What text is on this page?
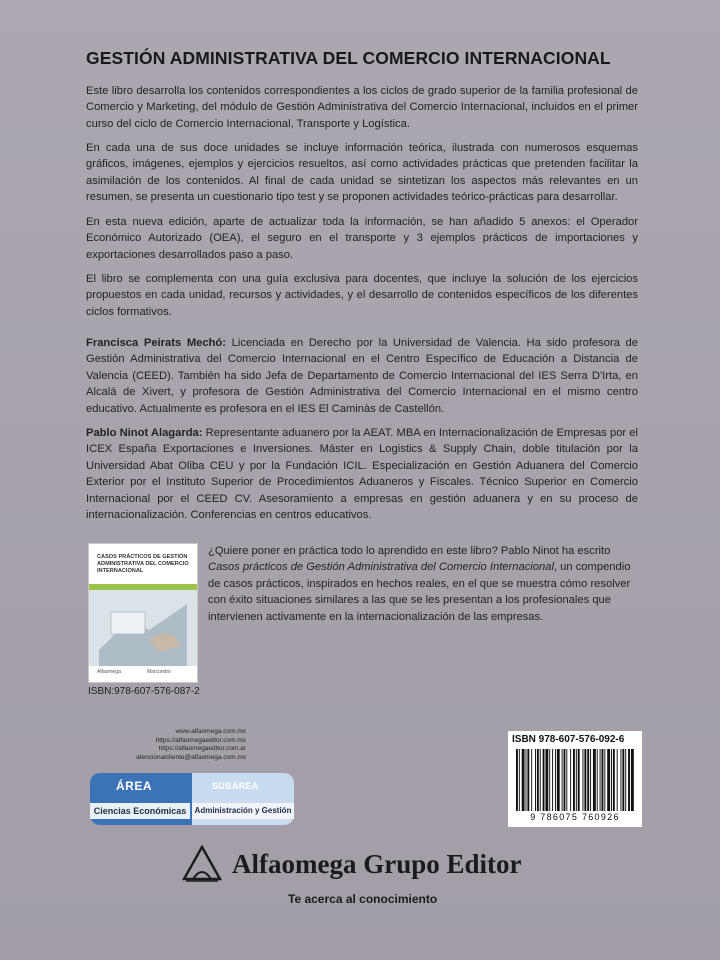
GESTIÓN ADMINISTRATIVA DEL COMERCIO INTERNACIONAL
Este libro desarrolla los contenidos correspondientes a los ciclos de grado superior de la familia profesional de Comercio y Marketing, del módulo de Gestión Administrativa del Comercio Internacional, incluidos en el primer curso del ciclo de Comercio Internacional, Transporte y Logística.
En cada una de sus doce unidades se incluye información teórica, ilustrada con numerosos esquemas gráficos, imágenes, ejemplos y ejercicios resueltos, así como actividades prácticas que pretenden facilitar la asimilación de los contenidos. Al final de cada unidad se sintetizan los aspectos más relevantes en un resumen, se presenta un cuestionario tipo test y se proponen actividades teórico-prácticas para desarrollar.
En esta nueva edición, aparte de actualizar toda la información, se han añadido 5 anexos: el Operador Económico Autorizado (OEA), el seguro en el transporte y 3 ejemplos prácticos de importaciones y exportaciones desarrollados paso a paso.
El libro se complementa con una guía exclusiva para docentes, que incluye la solución de los ejercicios propuestos en cada unidad, recursos y actividades, y el desarrollo de contenidos específicos de los diferentes ciclos formativos.
Francisca Peirats Mechó: Licenciada en Derecho por la Universidad de Valencia. Ha sido profesora de Gestión Administrativa del Comercio Internacional en el Centro Específico de Educación a Distancia de Valencia (CEED). También ha sido Jefa de Departamento de Comercio Internacional del IES Serra D'Irta, en Alcalá de Xivert, y profesora de Gestión Administrativa del Comercio Internacional en el mismo centro educativo. Actualmente es profesora en el IES El Caminàs de Castellón.
Pablo Ninot Alagarda: Representante aduanero por la AEAT. MBA en Internacionalización de Empresas por el ICEX España Exportaciones e Inversiones. Máster en Logistics & Supply Chain, doble titulación por la Universidad Abat Oliba CEU y por la Fundación ICIL. Especialización en Gestión Aduanera del Comercio Exterior por el Instituto Superior de Procedimientos Aduaneros y Fiscales. Técnico Superior en Comercio Internacional por el CEED CV. Asesoramiento a empresas en gestión aduanera y en su proceso de internacionalización. Conferencias en centros educativos.
CASOS PRÁCTICOS DE GESTIÓN ADMINISTRATIVA DEL COMERCIO INTERNACIONAL
Alfaomega	Marcombo
ISBN:978-607-576-087-2
¿Quiere poner en práctica todo lo aprendido en este libro? Pablo Ninot ha escrito Casos prácticos de Gestión Administrativa del Comercio Internacional, un compendio de casos prácticos, inspirados en hechos reales, en el que se muestra cómo resolver con éxito situaciones similares a las que se les presentan a los profesionales que intervienen activamente en la internacionalización de las empresas.
www.alfaomega.com.mx
https://alfaomegaeditor.com.mx
https://alfaomegaeditor.com.ar
atencionalcliente@alfaomega.com.mx
ÁREA
Ciencias Económicas
SUBÁREA
Administración y Gestión
ISBN 978-607-576-092-6
9 786075 760926
Alfaomega Grupo Editor
Te acerca al conocimiento
